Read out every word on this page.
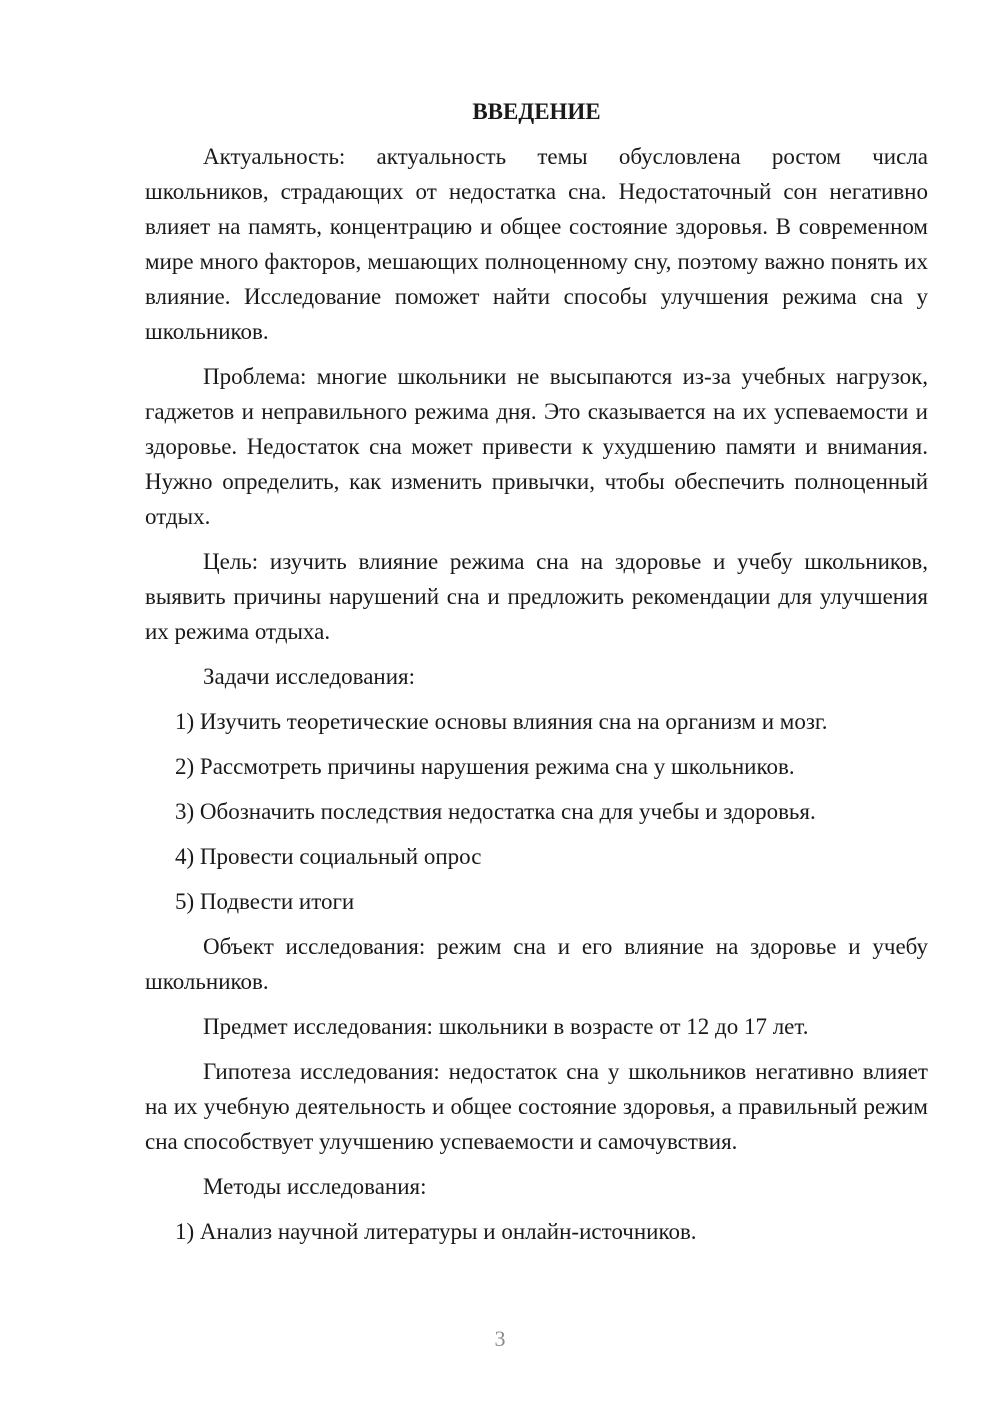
ВВЕДЕНИЕ

Актуальность: актуальность темы обусловлена ростом числа школьников, страдающих от недостатка сна. Недостаточный сон негативно влияет на память, концентрацию и общее состояние здоровья. В современном мире много факторов, мешающих полноценному сну, поэтому важно понять их влияние. Исследование поможет найти способы улучшения режима сна у школьников.

Проблема: многие школьники не высыпаются из-за учебных нагрузок, гаджетов и неправильного режима дня. Это сказывается на их успеваемости и здоровье. Недостаток сна может привести к ухудшению памяти и внимания. Нужно определить, как изменить привычки, чтобы обеспечить полноценный отдых.

Цель: изучить влияние режима сна на здоровье и учебу школьников, выявить причины нарушений сна и предложить рекомендации для улучшения их режима отдыха.

Задачи исследования:

1) Изучить теоретические основы влияния сна на организм и мозг.
2) Рассмотреть причины нарушения режима сна у школьников.
3) Обозначить последствия недостатка сна для учебы и здоровья.
4) Провести социальный опрос
5) Подвести итоги

Объект исследования: режим сна и его влияние на здоровье и учебу школьников.

Предмет исследования: школьники в возрасте от 12 до 17 лет.

Гипотеза исследования: недостаток сна у школьников негативно влияет на их учебную деятельность и общее состояние здоровья, а правильный режим сна способствует улучшению успеваемости и самочувствия.

Методы исследования:

1) Анализ научной литературы и онлайн-источников.
3
